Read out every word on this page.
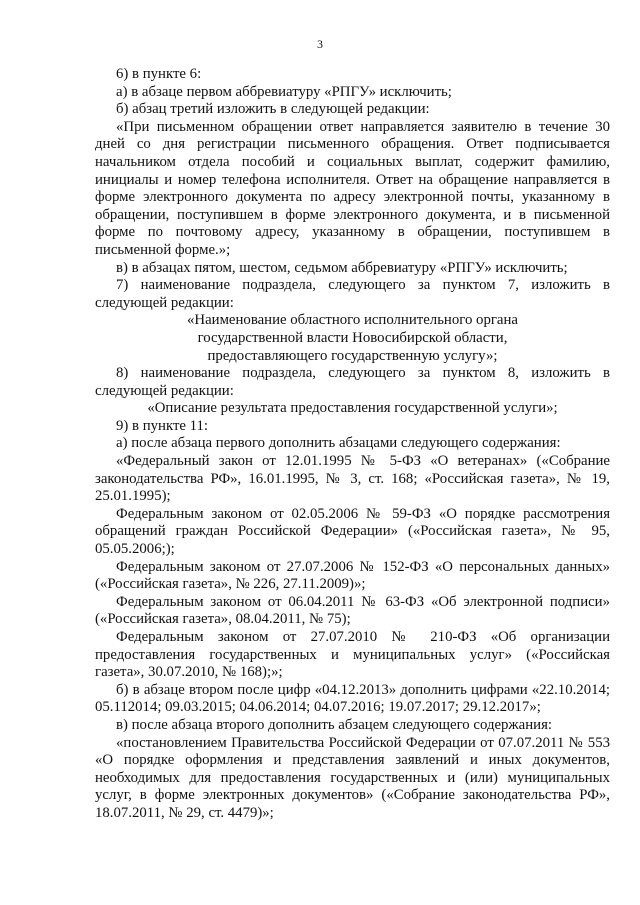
3

6) в пункте 6:

а) в абзаце первом аббревиатуру «РПГУ» исключить;

б) абзац третий изложить в следующей редакции:

«При письменном обращении ответ направляется заявителю в течение 30 дней со дня регистрации письменного обращения. Ответ подписывается начальником отдела пособий и социальных выплат, содержит фамилию, инициалы и номер телефона исполнителя. Ответ на обращение направляется в форме электронного документа по адресу электронной почты, указанному в обращении, поступившем в форме электронного документа, и в письменной форме по почтовому адресу, указанному в обращении, поступившем в письменной форме.»;

в) в абзацах пятом, шестом, седьмом аббревиатуру «РПГУ» исключить;

7) наименование подраздела, следующего за пунктом 7, изложить в следующей редакции:

«Наименование областного исполнительного органа
государственной власти Новосибирской области,
предоставляющего государственную услугу»;

8) наименование подраздела, следующего за пунктом 8, изложить в следующей редакции:

«Описание результата предоставления государственной услуги»;

9) в пункте 11:

а) после абзаца первого дополнить абзацами следующего содержания:

«Федеральный закон от 12.01.1995 № 5-ФЗ «О ветеранах» («Собрание законодательства РФ», 16.01.1995, № 3, ст. 168; «Российская газета», № 19, 25.01.1995);

Федеральным законом от 02.05.2006 № 59-ФЗ «О порядке рассмотрения обращений граждан Российской Федерации» («Российская газета», № 95, 05.05.2006;);

Федеральным законом от 27.07.2006 № 152-ФЗ «О персональных данных» («Российская газета», № 226, 27.11.2009)»;

Федеральным законом от 06.04.2011 № 63-ФЗ «Об электронной подписи» («Российская газета», 08.04.2011, № 75);

Федеральным законом от 27.07.2010 № 210-ФЗ «Об организации предоставления государственных и муниципальных услуг» («Российская газета», 30.07.2010, № 168);»;

б) в абзаце втором после цифр «04.12.2013» дополнить цифрами «22.10.2014; 05.112014; 09.03.2015; 04.06.2014; 04.07.2016; 19.07.2017; 29.12.2017»;

в) после абзаца второго дополнить абзацем следующего содержания:

«постановлением Правительства Российской Федерации от 07.07.2011 № 553 «О порядке оформления и представления заявлений и иных документов, необходимых для предоставления государственных и (или) муниципальных услуг, в форме электронных документов» («Собрание законодательства РФ», 18.07.2011, № 29, ст. 4479)»;
